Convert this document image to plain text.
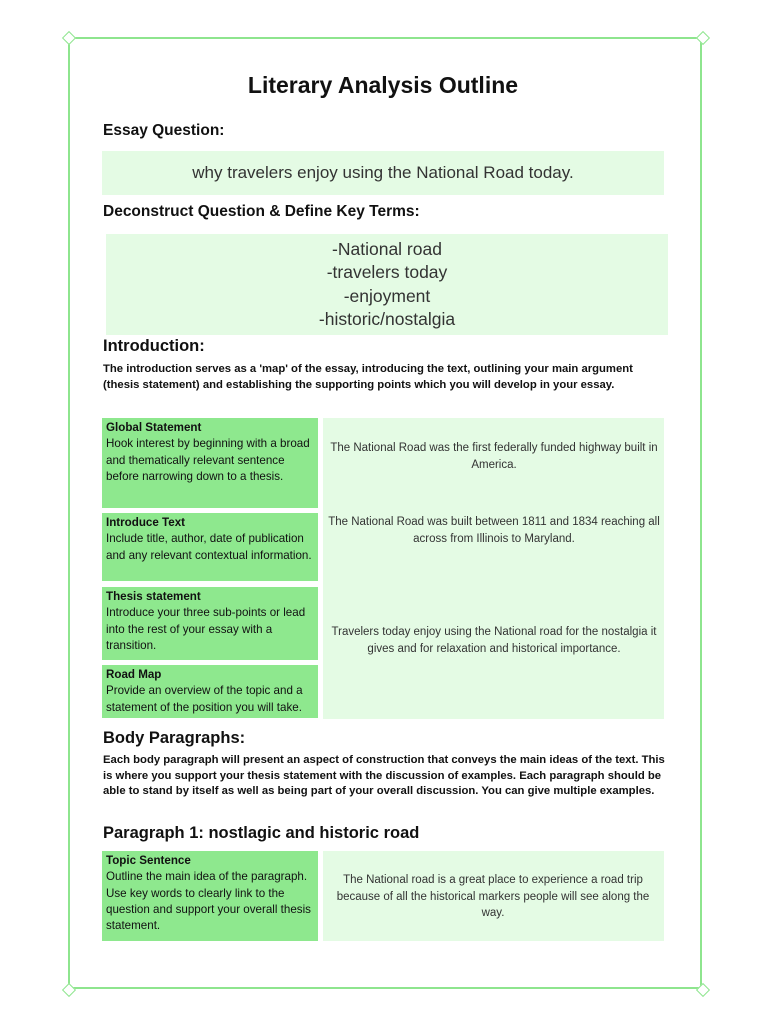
Literary Analysis Outline
Essay Question:
why travelers enjoy using the National Road today.
Deconstruct Question & Define Key Terms:
-National road
-travelers today
-enjoyment
-historic/nostalgia
Introduction:
The introduction serves as a 'map' of the essay, introducing the text, outlining your main argument (thesis statement) and establishing the supporting points which you will develop in your essay.
Global Statement
Hook interest by beginning with a broad and thematically relevant sentence before narrowing down to a thesis.
Introduce Text
Include title, author, date of publication and any relevant contextual information.
Thesis statement
Introduce your three sub-points or lead into the rest of your essay with a transition.
Road Map
Provide an overview of the topic and a statement of the position you will take.
The National Road was the first federally funded highway built in America.
The National Road was built between 1811 and 1834 reaching all across from Illinois to Maryland.
Travelers today enjoy using the National road for the nostalgia it gives and for relaxation and historical importance.
Body Paragraphs:
Each body paragraph will present an aspect of construction that conveys the main ideas of the text. This is where you support your thesis statement with the discussion of examples. Each paragraph should be able to stand by itself as well as being part of your overall discussion. You can give multiple examples.
Paragraph 1: nostlagic and historic road
Topic Sentence
Outline the main idea of the paragraph. Use key words to clearly link to the question and support your overall thesis statement.
The National road is a great place to experience a road trip because of all the historical markers people will see along the way.
